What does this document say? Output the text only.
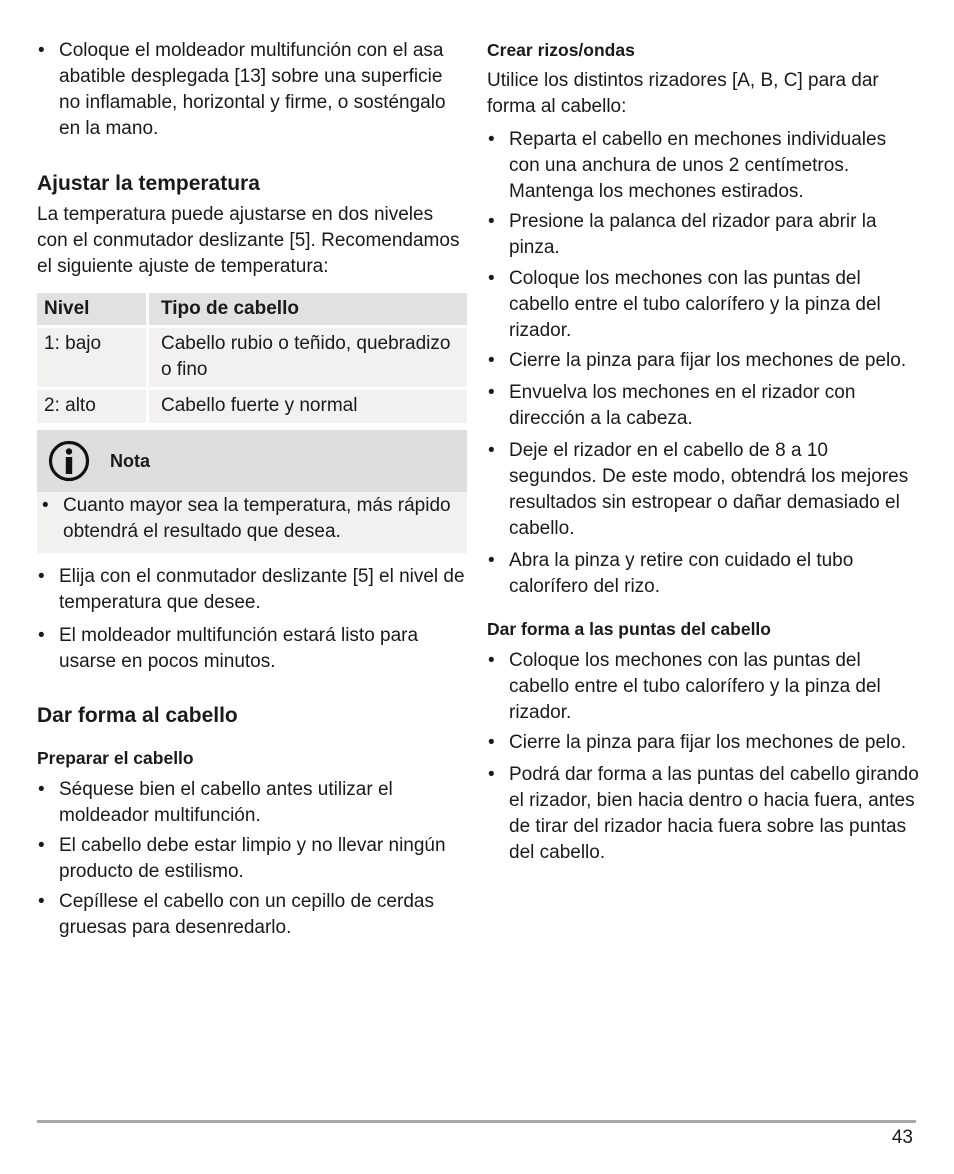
• Coloque el moldeador multifunción con el asa abatible desplegada [13] sobre una superficie no inflamable, horizontal y firme, o sosténgalo en la mano.
Ajustar la temperatura

La temperatura puede ajustarse en dos niveles con el conmutador deslizante [5]. Recomendamos el siguiente ajuste de temperatura:

Nivel	Tipo de cabello
1: bajo	Cabello rubio o teñido, quebradizo o fino
2: alto	Cabello fuerte y normal
Nota
• Cuanto mayor sea la temperatura, más rápido obtendrá el resultado que desea.
• Elija con el conmutador deslizante [5] el nivel de temperatura que desee.
• El moldeador multifunción estará listo para usarse en pocos minutos.
Dar forma al cabello
Preparar el cabello
• Séquese bien el cabello antes utilizar el moldeador multifunción.
• El cabello debe estar limpio y no llevar ningún producto de estilismo.
• Cepíllese el cabello con un cepillo de cerdas gruesas para desenredarlo.
Crear rizos/ondas

Utilice los distintos rizadores [A, B, C] para dar forma al cabello:

• Reparta el cabello en mechones individuales con una anchura de unos 2 centímetros. Mantenga los mechones estirados.
• Presione la palanca del rizador para abrir la pinza.
• Coloque los mechones con las puntas del cabello entre el tubo calorífero y la pinza del rizador.
• Cierre la pinza para fijar los mechones de pelo.
• Envuelva los mechones en el rizador con dirección a la cabeza.
• Deje el rizador en el cabello de 8 a 10 segundos. De este modo, obtendrá los mejores resultados sin estropear o dañar demasiado el cabello.
• Abra la pinza y retire con cuidado el tubo calorífero del rizo.
Dar forma a las puntas del cabello
• Coloque los mechones con las puntas del cabello entre el tubo calorífero y la pinza del rizador.
• Cierre la pinza para fijar los mechones de pelo.
• Podrá dar forma a las puntas del cabello girando el rizador, bien hacia dentro o hacia fuera, antes de tirar del rizador hacia fuera sobre las puntas del cabello.
43
